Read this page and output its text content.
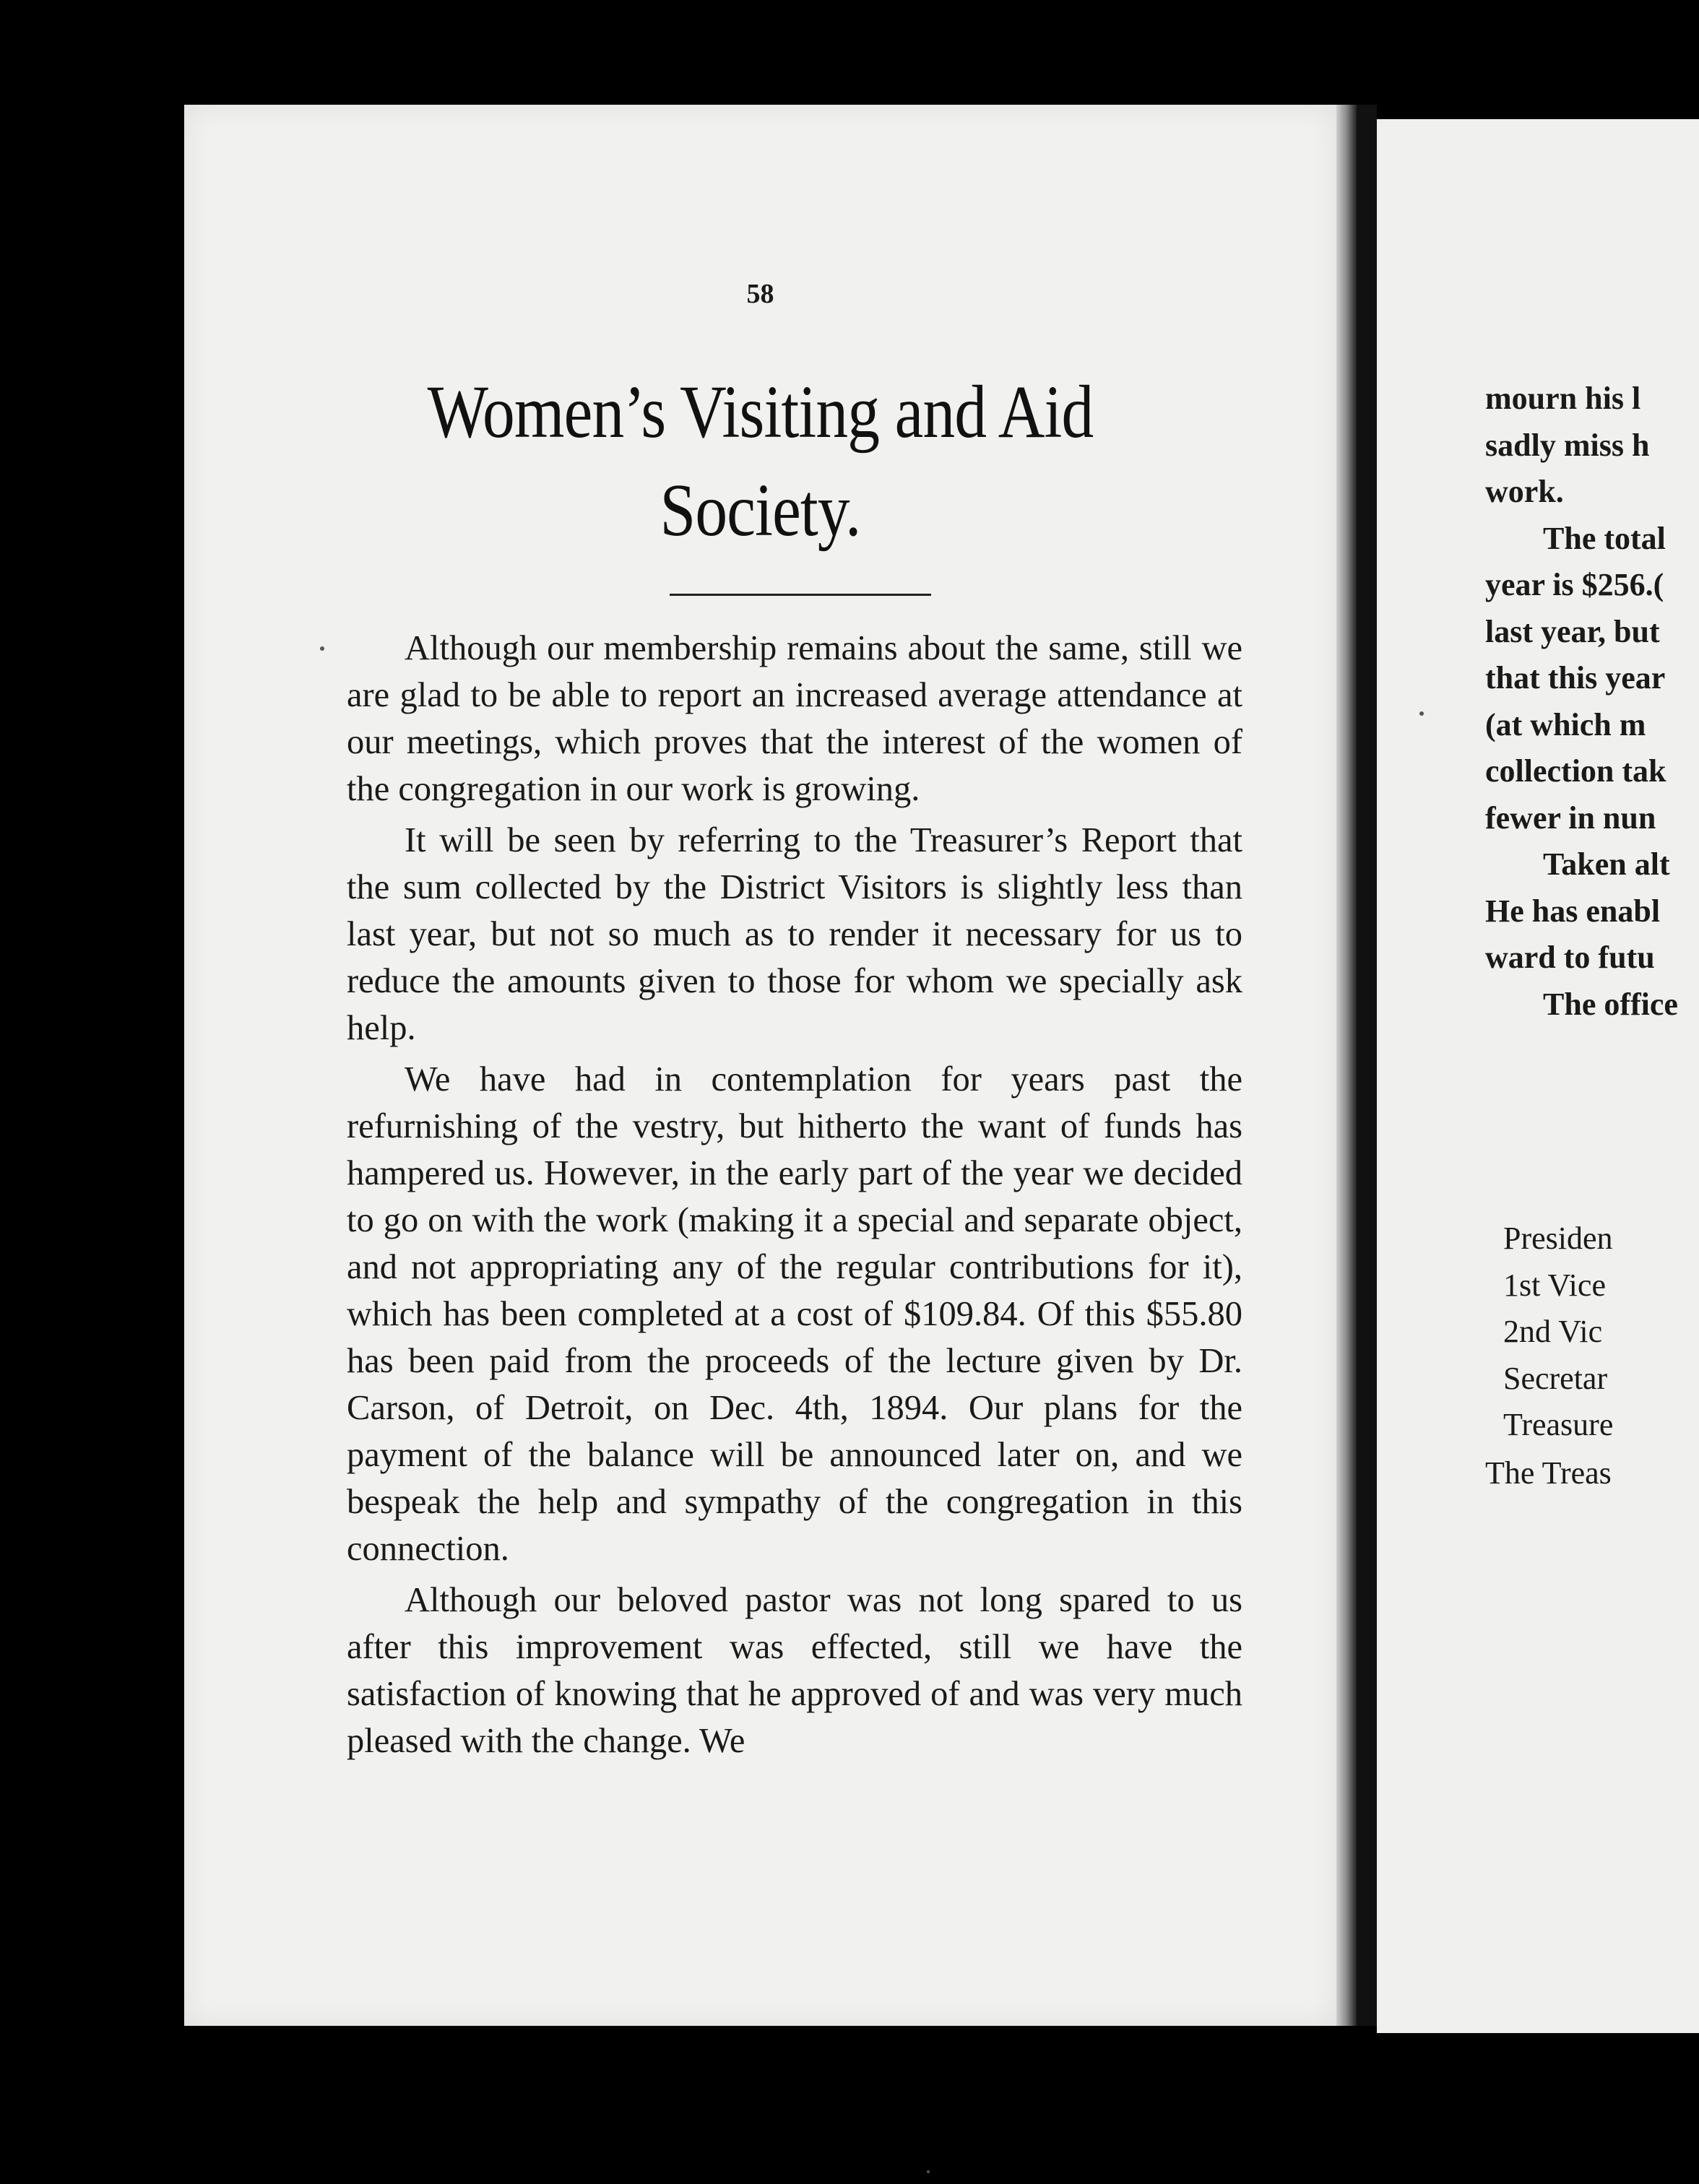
58
Women’s Visiting and Aid
Society.

Although our membership remains about the same, still we are glad to be able to report an increased average attendance at our meetings, which proves that the interest of the women of the congregation in our work is growing.

It will be seen by referring to the Treasurer’s Report that the sum collected by the District Visitors is slightly less than last year, but not so much as to render it necessary for us to reduce the amounts given to those for whom we specially ask help.

We have had in contemplation for years past the refurnishing of the vestry, but hitherto the want of funds has hampered us. However, in the early part of the year we decided to go on with the work (making it a special and separate object, and not appropriating any of the regular contributions for it), which has been completed at a cost of $109.84. Of this $55.80 has been paid from the proceeds of the lecture given by Dr. Carson, of Detroit, on Dec. 4th, 1894. Our plans for the payment of the balance will be announced later on, and we bespeak the help and sympathy of the congregation in this connection.

Although our beloved pastor was not long spared to us after this improvement was effected, still we have the satisfaction of knowing that he approved of and was very much pleased with the change. We

mourn his l
sadly miss h
work.
The total
year is $256.(
last year, but
that this year
(at which m
collection tak
fewer in nun
Taken alt
He has enabl
ward to futu
The office
Presiden
1st Vice
2nd Vic
Secretar
Treasure
The Treas
